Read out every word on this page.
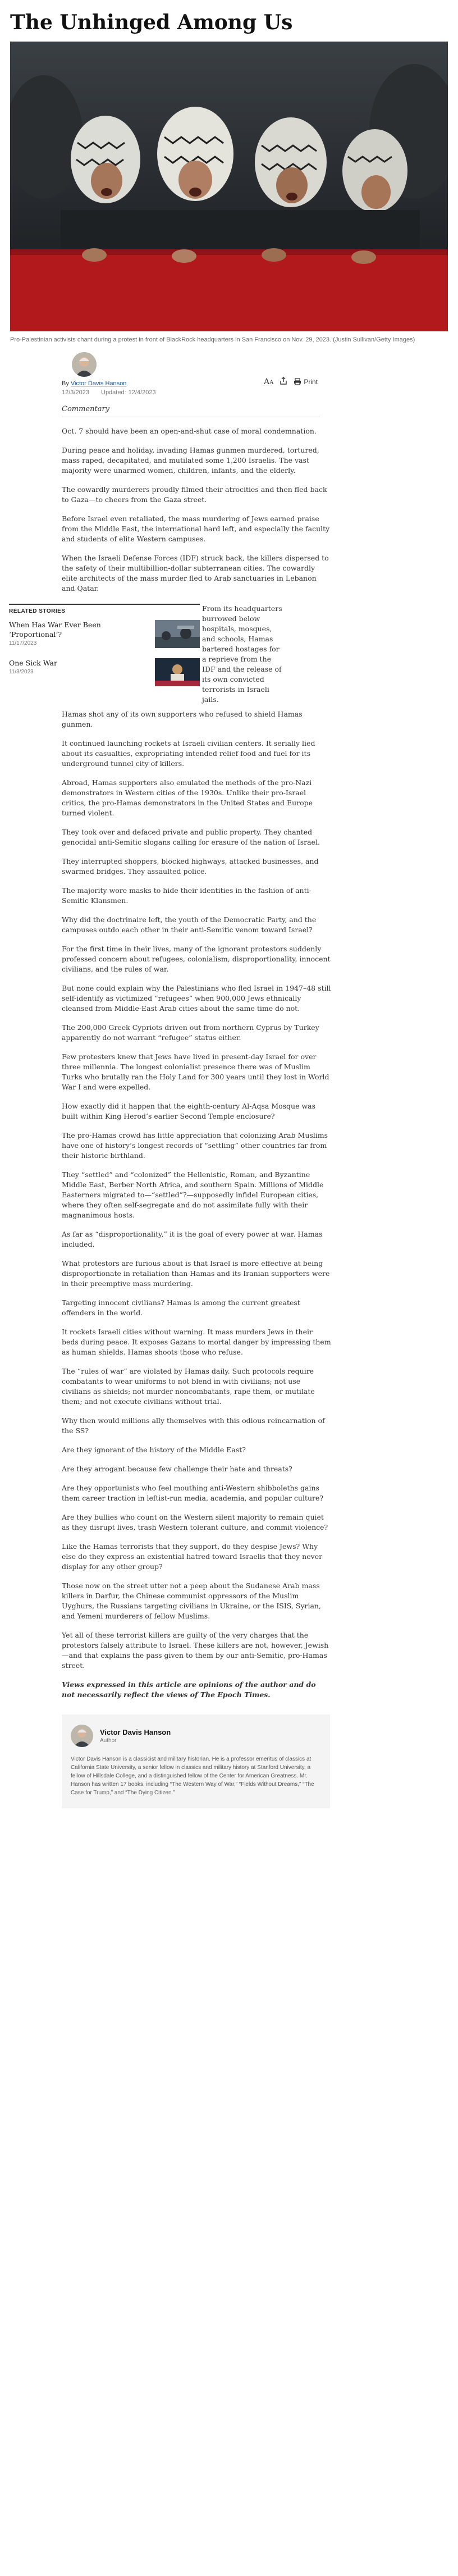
The Unhinged Among Us

Pro-Palestinian activists chant during a protest in front of BlackRock headquarters in San Francisco on Nov. 29, 2023. (Justin Sullivan/Getty Images)

By Victor Davis Hanson
12/3/2023 Updated: 12/4/2023
AA	Print
Commentary

Oct. 7 should have been an open-and-shut case of moral condemnation.

During peace and holiday, invading Hamas gunmen murdered, tortured, mass raped, decapitated, and mutilated some 1,200 Israelis. The vast majority were unarmed women, children, infants, and the elderly.

The cowardly murderers proudly filmed their atrocities and then fled back to Gaza—to cheers from the Gaza street.

Before Israel even retaliated, the mass murdering of Jews earned praise from the Middle East, the international hard left, and especially the faculty and students of elite Western campuses.

When the Israeli Defense Forces (IDF) struck back, the killers dispersed to the safety of their multibillion-dollar subterranean cities. The cowardly elite architects of the mass murder fled to Arab sanctuaries in Lebanon and Qatar.

RELATED STORIES
When Has War Ever Been ‘Proportional’?
11/17/2023
One Sick War
11/3/2023
From its headquarters burrowed below hospitals, mosques, and schools, Hamas bartered hostages for a reprieve from the IDF and the release of its own convicted terrorists in Israeli jails.

Hamas shot any of its own supporters who refused to shield Hamas gunmen.

It continued launching rockets at Israeli civilian centers. It serially lied about its casualties, expropriating intended relief food and fuel for its underground tunnel city of killers.

Abroad, Hamas supporters also emulated the methods of the pro-Nazi demonstrators in Western cities of the 1930s. Unlike their pro-Israel critics, the pro-Hamas demonstrators in the United States and Europe turned violent.

They took over and defaced private and public property. They chanted genocidal anti-Semitic slogans calling for erasure of the nation of Israel.

They interrupted shoppers, blocked highways, attacked businesses, and swarmed bridges. They assaulted police.

The majority wore masks to hide their identities in the fashion of anti-Semitic Klansmen.

Why did the doctrinaire left, the youth of the Democratic Party, and the campuses outdo each other in their anti-Semitic venom toward Israel?

For the first time in their lives, many of the ignorant protestors suddenly professed concern about refugees, colonialism, disproportionality, innocent civilians, and the rules of war.

But none could explain why the Palestinians who fled Israel in 1947–48 still self-identify as victimized “refugees” when 900,000 Jews ethnically cleansed from Middle-East Arab cities about the same time do not.

The 200,000 Greek Cypriots driven out from northern Cyprus by Turkey apparently do not warrant “refugee” status either.

Few protesters knew that Jews have lived in present-day Israel for over three millennia. The longest colonialist presence there was of Muslim Turks who brutally ran the Holy Land for 300 years until they lost in World War I and were expelled.

How exactly did it happen that the eighth-century Al-Aqsa Mosque was built within King Herod’s earlier Second Temple enclosure?

The pro-Hamas crowd has little appreciation that colonizing Arab Muslims have one of history’s longest records of “settling” other countries far from their historic birthland.

They “settled” and “colonized” the Hellenistic, Roman, and Byzantine Middle East, Berber North Africa, and southern Spain. Millions of Middle Easterners migrated to—“settled”?—supposedly infidel European cities, where they often self-segregate and do not assimilate fully with their magnanimous hosts.

As far as “disproportionality,” it is the goal of every power at war. Hamas included.

What protestors are furious about is that Israel is more effective at being disproportionate in retaliation than Hamas and its Iranian supporters were in their preemptive mass murdering.

Targeting innocent civilians? Hamas is among the current greatest offenders in the world.

It rockets Israeli cities without warning. It mass murders Jews in their beds during peace. It exposes Gazans to mortal danger by impressing them as human shields. Hamas shoots those who refuse.

The “rules of war” are violated by Hamas daily. Such protocols require combatants to wear uniforms to not blend in with civilians; not use civilians as shields; not murder noncombatants, rape them, or mutilate them; and not execute civilians without trial.

Why then would millions ally themselves with this odious reincarnation of the SS?

Are they ignorant of the history of the Middle East?

Are they arrogant because few challenge their hate and threats?

Are they opportunists who feel mouthing anti-Western shibboleths gains them career traction in leftist-run media, academia, and popular culture?

Are they bullies who count on the Western silent majority to remain quiet as they disrupt lives, trash Western tolerant culture, and commit violence?

Like the Hamas terrorists that they support, do they despise Jews? Why else do they express an existential hatred toward Israelis that they never display for any other group?

Those now on the street utter not a peep about the Sudanese Arab mass killers in Darfur, the Chinese communist oppressors of the Muslim Uyghurs, the Russians targeting civilians in Ukraine, or the ISIS, Syrian, and Yemeni murderers of fellow Muslims.

Yet all of these terrorist killers are guilty of the very charges that the protestors falsely attribute to Israel. These killers are not, however, Jewish—and that explains the pass given to them by our anti-Semitic, pro-Hamas street.

Views expressed in this article are opinions of the author and do not necessarily reflect the views of The Epoch Times.

Victor Davis Hanson
Author

Victor Davis Hanson is a classicist and military historian. He is a professor emeritus of classics at California State University, a senior fellow in classics and military history at Stanford University, a fellow of Hillsdale College, and a distinguished fellow of the Center for American Greatness. Mr. Hanson has written 17 books, including “The Western Way of War,” “Fields Without Dreams,” “The Case for Trump,” and “The Dying Citizen.”
